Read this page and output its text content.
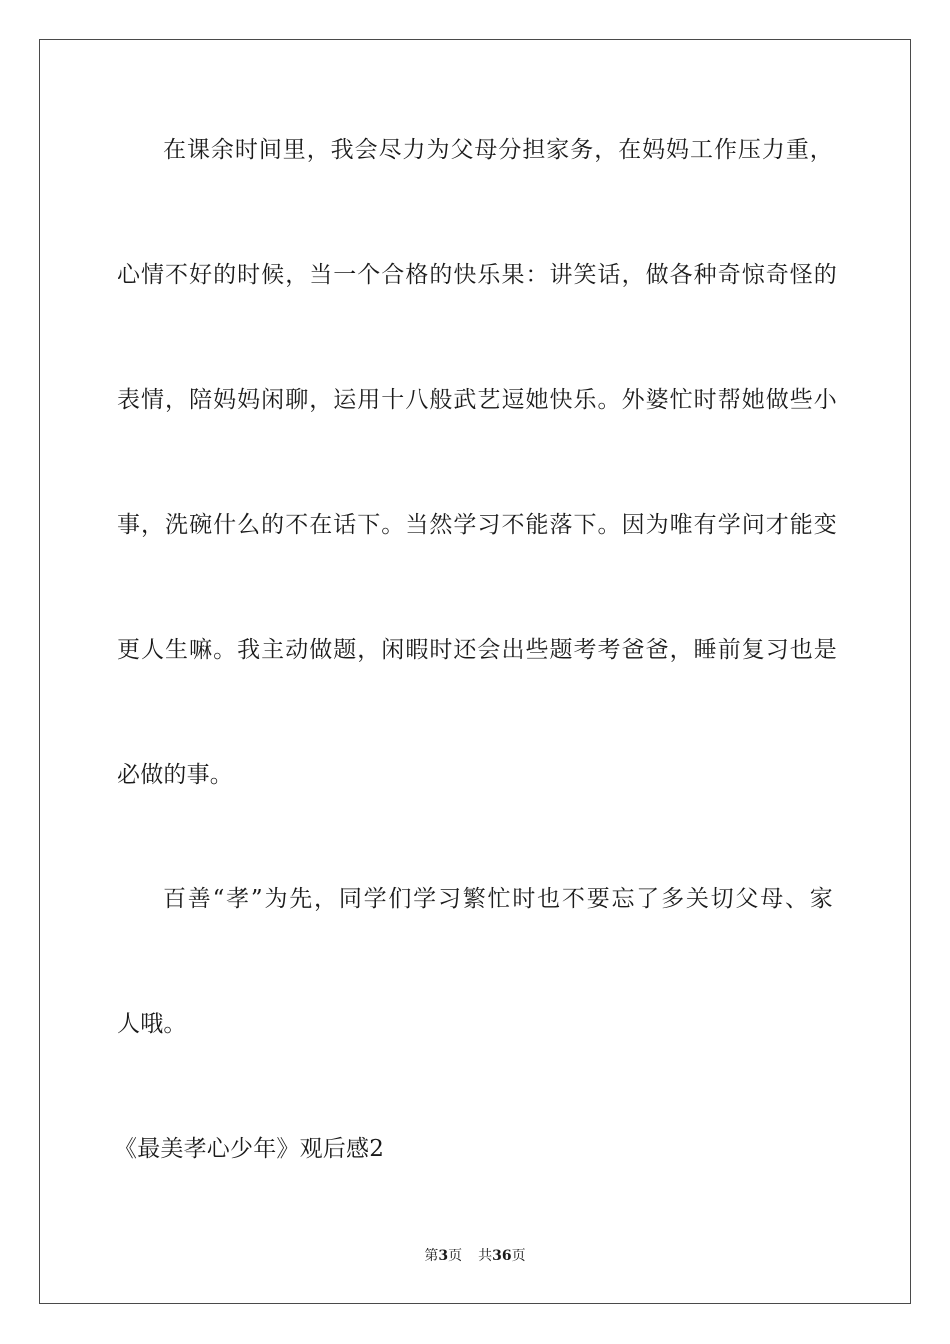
在课余时间里，我会尽力为父母分担家务，在妈妈工作压力重，
心情不好的时候，当一个合格的快乐果：讲笑话，做各种奇惊奇怪的
表情，陪妈妈闲聊，运用十八般武艺逗她快乐。外婆忙时帮她做些小
事，洗碗什么的不在话下。当然学习不能落下。因为唯有学问才能变
更人生嘛。我主动做题，闲暇时还会出些题考考爸爸，睡前复习也是
必做的事。
百善“孝”为先，同学们学习繁忙时也不要忘了多关切父母、家
人哦。
《最美孝心少年》观后感2
第3页 共36页
